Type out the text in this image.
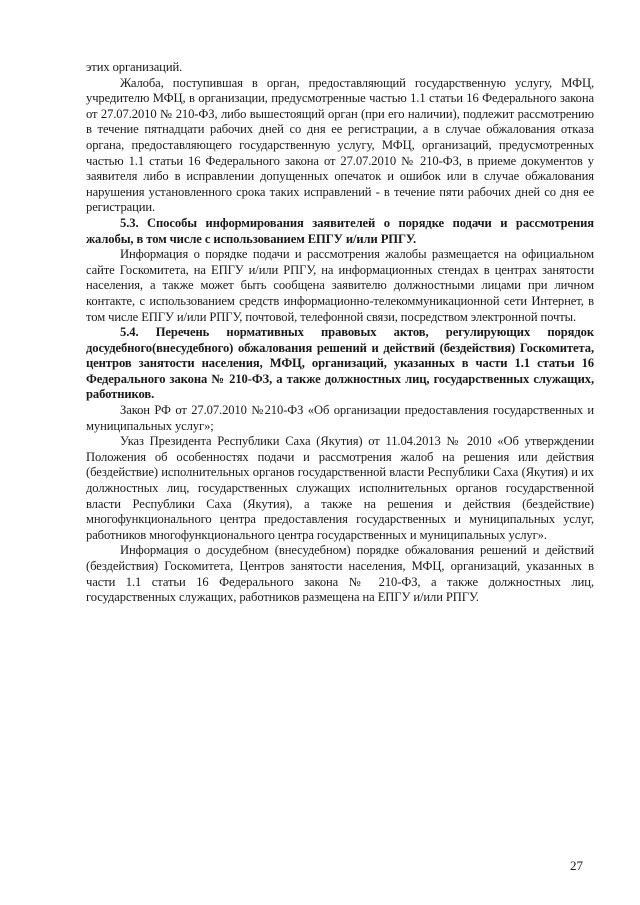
этих организаций.

Жалоба, поступившая в орган, предоставляющий государственную услугу, МФЦ, учредителю МФЦ, в организации, предусмотренные частью 1.1 статьи 16 Федерального закона от 27.07.2010 № 210-ФЗ, либо вышестоящий орган (при его наличии), подлежит рассмотрению в течение пятнадцати рабочих дней со дня ее регистрации, а в случае обжалования отказа органа, предоставляющего государственную услугу, МФЦ, организаций, предусмотренных частью 1.1 статьи 16 Федерального закона от 27.07.2010 № 210-ФЗ, в приеме документов у заявителя либо в исправлении допущенных опечаток и ошибок или в случае обжалования нарушения установленного срока таких исправлений - в течение пяти рабочих дней со дня ее регистрации.

5.3. Способы информирования заявителей о порядке подачи и рассмотрения жалобы, в том числе с использованием ЕПГУ и/или РПГУ.

Информация о порядке подачи и рассмотрения жалобы размещается на официальном сайте Госкомитета, на ЕПГУ и/или РПГУ, на информационных стендах в центрах занятости населения, а также может быть сообщена заявителю должностными лицами при личном контакте, с использованием средств информационно-телекоммуникационной сети Интернет, в том числе ЕПГУ и/или РПГУ, почтовой, телефонной связи, посредством электронной почты.

5.4. Перечень нормативных правовых актов, регулирующих порядок досудебного(внесудебного) обжалования решений и действий (бездействия) Госкомитета, центров занятости населения, МФЦ, организаций, указанных в части 1.1 статьи 16 Федерального закона № 210-ФЗ, а также должностных лиц, государственных служащих, работников.

Закон РФ от 27.07.2010 №210-ФЗ «Об организации предоставления государственных и муниципальных услуг»;

Указ Президента Республики Саха (Якутия) от 11.04.2013 № 2010 «Об утверждении Положения об особенностях подачи и рассмотрения жалоб на решения или действия (бездействие) исполнительных органов государственной власти Республики Саха (Якутия) и их должностных лиц, государственных служащих исполнительных органов государственной власти Республики Саха (Якутия), а также на решения и действия (бездействие) многофункционального центра предоставления государственных и муниципальных услуг, работников многофункционального центра государственных и муниципальных услуг».

Информация о досудебном (внесудебном) порядке обжалования решений и действий (бездействия) Госкомитета, Центров занятости населения, МФЦ, организаций, указанных в части 1.1 статьи 16 Федерального закона № 210-ФЗ, а также должностных лиц, государственных служащих, работников размещена на ЕПГУ и/или РПГУ.

27
